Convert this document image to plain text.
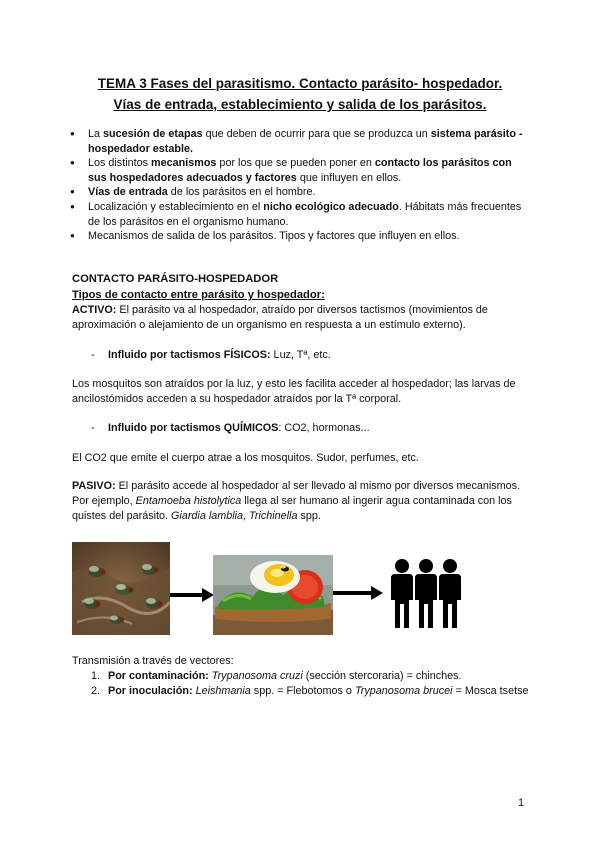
TEMA 3 Fases del parasitismo. Contacto parásito- hospedador.
Vías de entrada, establecimiento y salida de los parásitos.
● La sucesión de etapas que deben de ocurrir para que se produzca un sistema parásito - hospedador estable.
● Los distintos mecanismos por los que se pueden poner en contacto los parásitos con sus hospedadores adecuados y factores que influyen en ellos.
● Vías de entrada de los parásitos en el hombre.
● Localización y establecimiento en el nicho ecológico adecuado. Hábitats más frecuentes de los parásitos en el organismo humano.
● Mecanismos de salida de los parásitos. Tipos y factores que influyen en ellos.
CONTACTO PARÁSITO-HOSPEDADOR
Tipos de contacto entre parásito y hospedador:

ACTIVO: El parásito va al hospedador, atraído por diversos tactismos (movimientos de aproximación o alejamiento de un organismo en respuesta a un estímulo externo).

- Influido por tactismos FÍSICOS: Luz, Tª, etc.

Los mosquitos son atraídos por la luz, y esto les facilita acceder al hospedador; las larvas de ancilostómidos acceden a su hospedador atraídos por la Tª corporal.

- Influido por tactismos QUÍMICOS: CO2, hormonas...

El CO2 que emite el cuerpo atrae a los mosquitos. Sudor, perfumes, etc.

PASIVO: El parásito accede al hospedador al ser llevado al mismo por diversos mecanismos. Por ejemplo, Entamoeba histolytica llega al ser humano al ingerir agua contaminada con los quistes del parásito. Giardia lamblia, Trichinella spp.

Transmisión a través de vectores:

1. Por contaminación: Trypanosoma cruzi (sección stercoraria) = chinches.
2. Por inoculación: Leishmania spp. = Flebotomos o Trypanosoma brucei = Mosca tsetse
1
